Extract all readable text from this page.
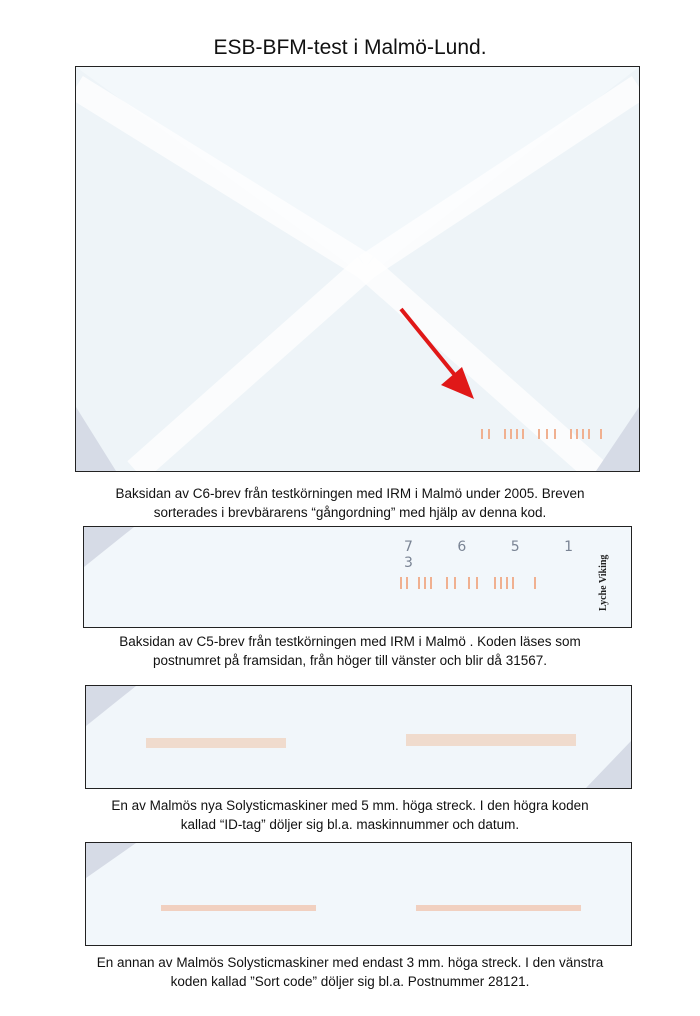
ESB-BFM-test i Malmö-Lund.
Baksidan av C6-brev från testkörningen med IRM i Malmö under 2005. Breven
sorterades i brevbärarens “gångordning” med hjälp av denna kod.
7 6 5 1 3	Lyche Viking
Baksidan av C5-brev från testkörningen med IRM i Malmö . Koden läses som
postnumret på framsidan, från höger till vänster och blir då 31567.
En av Malmös nya Solysticmaskiner med 5 mm. höga streck. I den högra koden
kallad “ID-tag” döljer sig bl.a. maskinnummer och datum.
En annan av Malmös Solysticmaskiner med endast 3 mm. höga streck. I den vänstra
koden kallad ”Sort code” döljer sig bl.a. Postnummer 28121.
